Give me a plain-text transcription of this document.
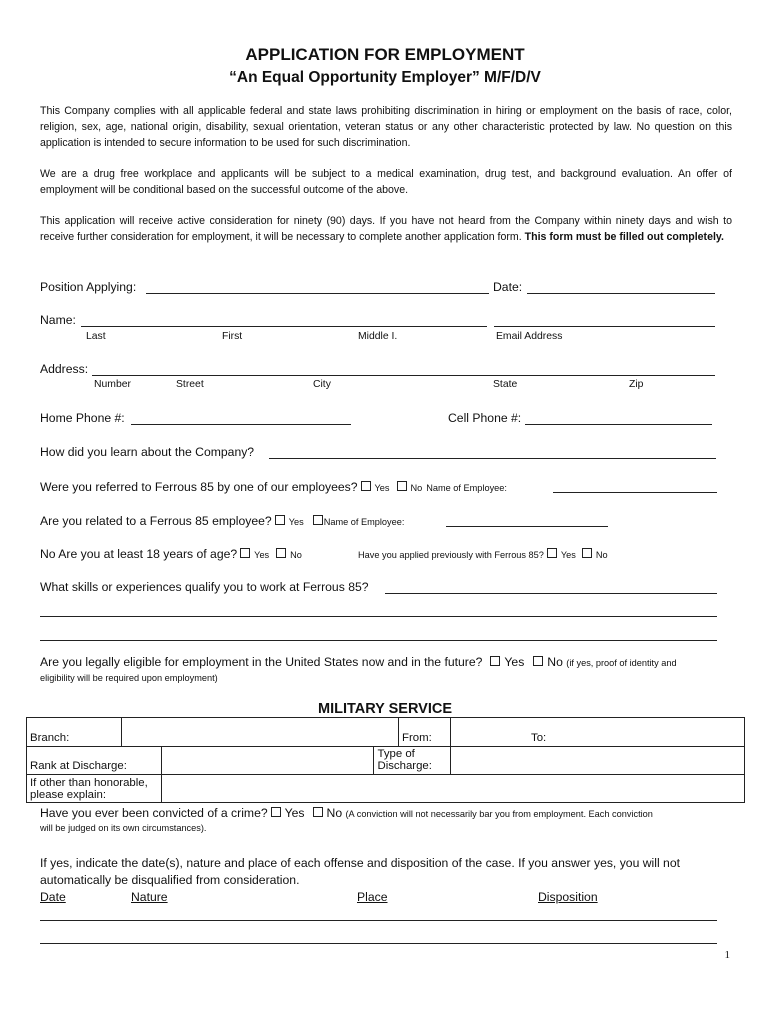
APPLICATION FOR EMPLOYMENT
“An Equal Opportunity Employer” M/F/D/V
This Company complies with all applicable federal and state laws prohibiting discrimination in hiring or employment on the basis of race, color, religion, sex, age, national origin, disability, sexual orientation, veteran status or any other characteristic protected by law. No question on this application is intended to secure information to be used for such discrimination.
We are a drug free workplace and applicants will be subject to a medical examination, drug test, and background evaluation. An offer of employment will be conditional based on the successful outcome of the above.
This application will receive active consideration for ninety (90) days. If you have not heard from the Company within ninety days and wish to receive further consideration for employment, it will be necessary to complete another application form. This form must be filled out completely.
Position Applying:	Date:
Name:
Last	First	Middle I.	Email Address
Address:
Number	Street	City	State	Zip
Home Phone #:	Cell Phone #:
How did you learn about the Company?
Were you referred to Ferrous 85 by one of our employees? Yes No Name of Employee:
Are you related to a Ferrous 85 employee? Yes Name of Employee:
No Are you at least 18 years of age? Yes No	Have you applied previously with Ferrous 85? Yes No
What skills or experiences qualify you to work at Ferrous 85?
Are you legally eligible for employment in the United States now and in the future? Yes No (if yes, proof of identity and
eligibility will be required upon employment)
MILITARY SERVICE
Branch:				From:	To:
Rank at Discharge:			Type of Discharge:		
If other than honorable, please explain:					
Have you ever been convicted of a crime? Yes No (A conviction will not necessarily bar you from employment. Each conviction
will be judged on its own circumstances).
If yes, indicate the date(s), nature and place of each offense and disposition of the case. If you answer yes, you will not automatically be disqualified from consideration.
Date	Nature	Place	Disposition
1
